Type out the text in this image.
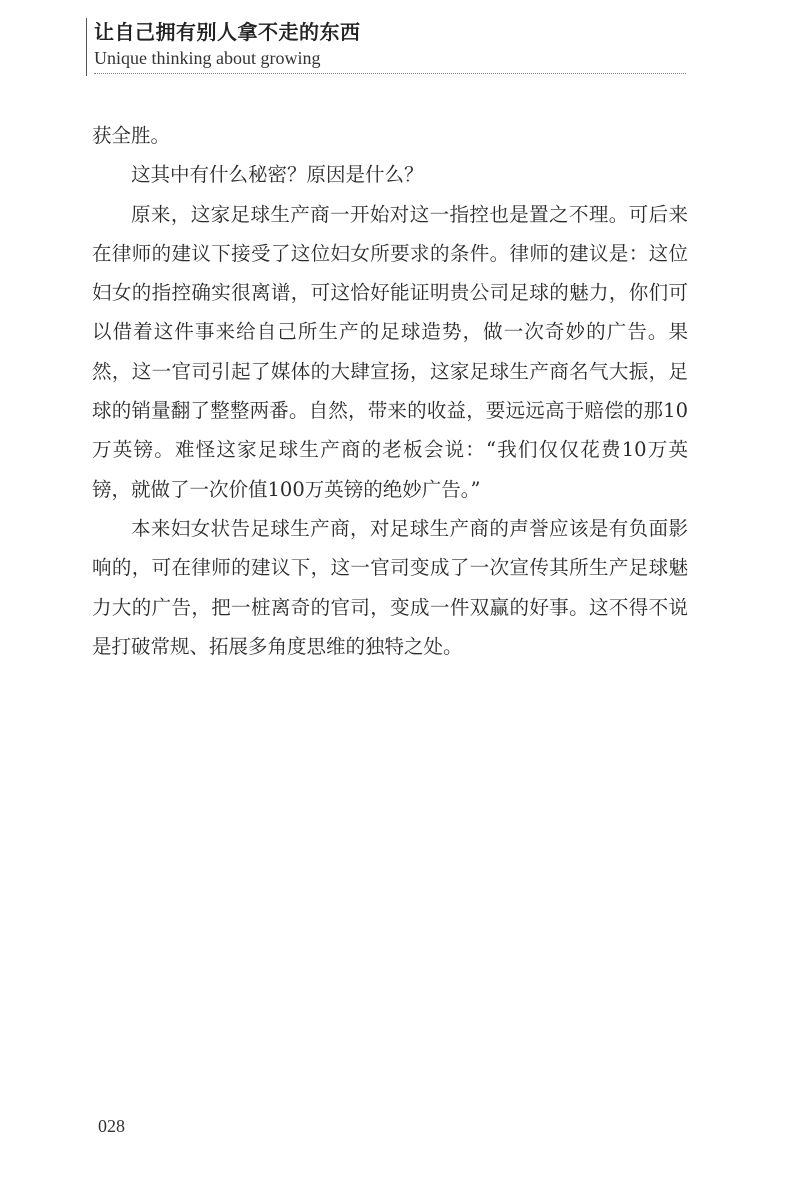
让自己拥有别人拿不走的东西
Unique thinking about growing

获全胜。

这其中有什么秘密？原因是什么？

原来，这家足球生产商一开始对这一指控也是置之不理。可后来在律师的建议下接受了这位妇女所要求的条件。律师的建议是：这位妇女的指控确实很离谱，可这恰好能证明贵公司足球的魅力，你们可以借着这件事来给自己所生产的足球造势，做一次奇妙的广告。果然，这一官司引起了媒体的大肆宣扬，这家足球生产商名气大振，足球的销量翻了整整两番。自然，带来的收益，要远远高于赔偿的那10万英镑。难怪这家足球生产商的老板会说：“我们仅仅花费10万英镑，就做了一次价值100万英镑的绝妙广告。”

本来妇女状告足球生产商，对足球生产商的声誉应该是有负面影响的，可在律师的建议下，这一官司变成了一次宣传其所生产足球魅力大的广告，把一桩离奇的官司，变成一件双赢的好事。这不得不说是打破常规、拓展多角度思维的独特之处。

028
